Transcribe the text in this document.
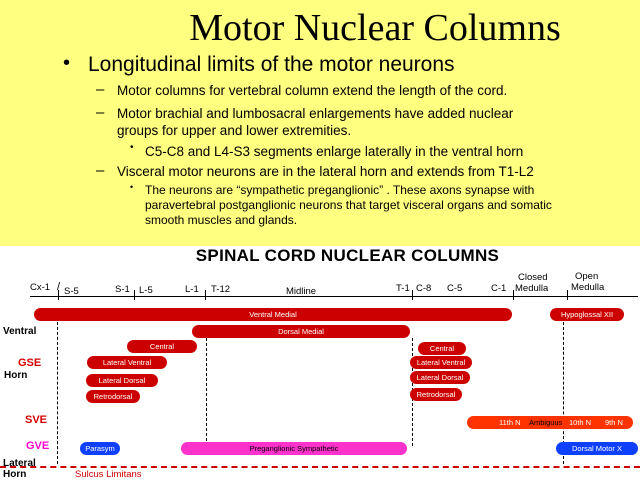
Motor Nuclear Columns
• Longitudinal limits of the motor neurons
– Motor columns for vertebral column extend the length of the cord.
– Motor brachial and lumbosacral enlargements have added nuclear
groups for upper and lower extremities.
• C5-C8 and L4-S3 segments enlarge laterally in the ventral horn
– Visceral motor neurons are in the lateral horn and extends from T1-L2
• The neurons are “sympathetic preganglionic” . These axons synapse with
paravertebral postganglionic neurons that target visceral organs and somatic
smooth muscles and glands.
SPINAL CORD NUCLEAR COLUMNS
Cx-1 / S-5	S-1 L-5	L-1 T-12	Midline	T-1 C-8 C-5	C-1
Closed
Medulla
Open
Medulla
Ventral
GSE
Horn
SVE
GVE
Lateral
Horn
Ventral Medial	Hypoglossal XII
Dorsal Medial
Central
Lateral Ventral
Lateral Dorsal
Retrodorsal
Central
Lateral Ventral
Lateral Dorsal
Retrodorsal
11th N Ambiguus 10th N 9th N
Parasym	Preganglionic Sympathetic	Dorsal Motor X
Sulcus Limitans
